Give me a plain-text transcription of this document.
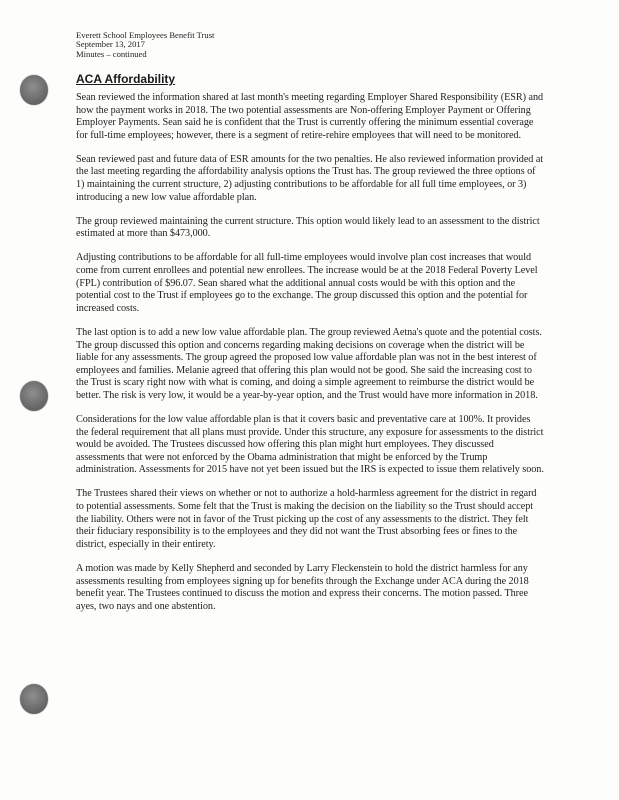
Everett School Employees Benefit Trust
September 13, 2017
Minutes – continued
ACA Affordability

Sean reviewed the information shared at last month's meeting regarding Employer Shared Responsibility (ESR) and how the payment works in 2018. The two potential assessments are Non-offering Employer Payment or Offering Employer Payments. Sean said he is confident that the Trust is currently offering the minimum essential coverage for full-time employees; however, there is a segment of retire-rehire employees that will need to be monitored.

Sean reviewed past and future data of ESR amounts for the two penalties. He also reviewed information provided at the last meeting regarding the affordability analysis options the Trust has. The group reviewed the three options of 1) maintaining the current structure, 2) adjusting contributions to be affordable for all full time employees, or 3) introducing a new low value affordable plan.

The group reviewed maintaining the current structure. This option would likely lead to an assessment to the district estimated at more than $473,000.

Adjusting contributions to be affordable for all full-time employees would involve plan cost increases that would come from current enrollees and potential new enrollees. The increase would be at the 2018 Federal Poverty Level (FPL) contribution of $96.07. Sean shared what the additional annual costs would be with this option and the potential cost to the Trust if employees go to the exchange. The group discussed this option and the potential for increased costs.

The last option is to add a new low value affordable plan. The group reviewed Aetna's quote and the potential costs. The group discussed this option and concerns regarding making decisions on coverage when the district will be liable for any assessments. The group agreed the proposed low value affordable plan was not in the best interest of employees and families. Melanie agreed that offering this plan would not be good. She said the increasing cost to the Trust is scary right now with what is coming, and doing a simple agreement to reimburse the district would be better. The risk is very low, it would be a year-by-year option, and the Trust would have more information in 2018.

Considerations for the low value affordable plan is that it covers basic and preventative care at 100%. It provides the federal requirement that all plans must provide. Under this structure, any exposure for assessments to the district would be avoided. The Trustees discussed how offering this plan might hurt employees. They discussed assessments that were not enforced by the Obama administration that might be enforced by the Trump administration. Assessments for 2015 have not yet been issued but the IRS is expected to issue them relatively soon.

The Trustees shared their views on whether or not to authorize a hold-harmless agreement for the district in regard to potential assessments. Some felt that the Trust is making the decision on the liability so the Trust should accept the liability. Others were not in favor of the Trust picking up the cost of any assessments to the district. They felt their fiduciary responsibility is to the employees and they did not want the Trust absorbing fees or fines to the district, especially in their entirety.

A motion was made by Kelly Shepherd and seconded by Larry Fleckenstein to hold the district harmless for any assessments resulting from employees signing up for benefits through the Exchange under ACA during the 2018 benefit year. The Trustees continued to discuss the motion and express their concerns. The motion passed. Three ayes, two nays and one abstention.
